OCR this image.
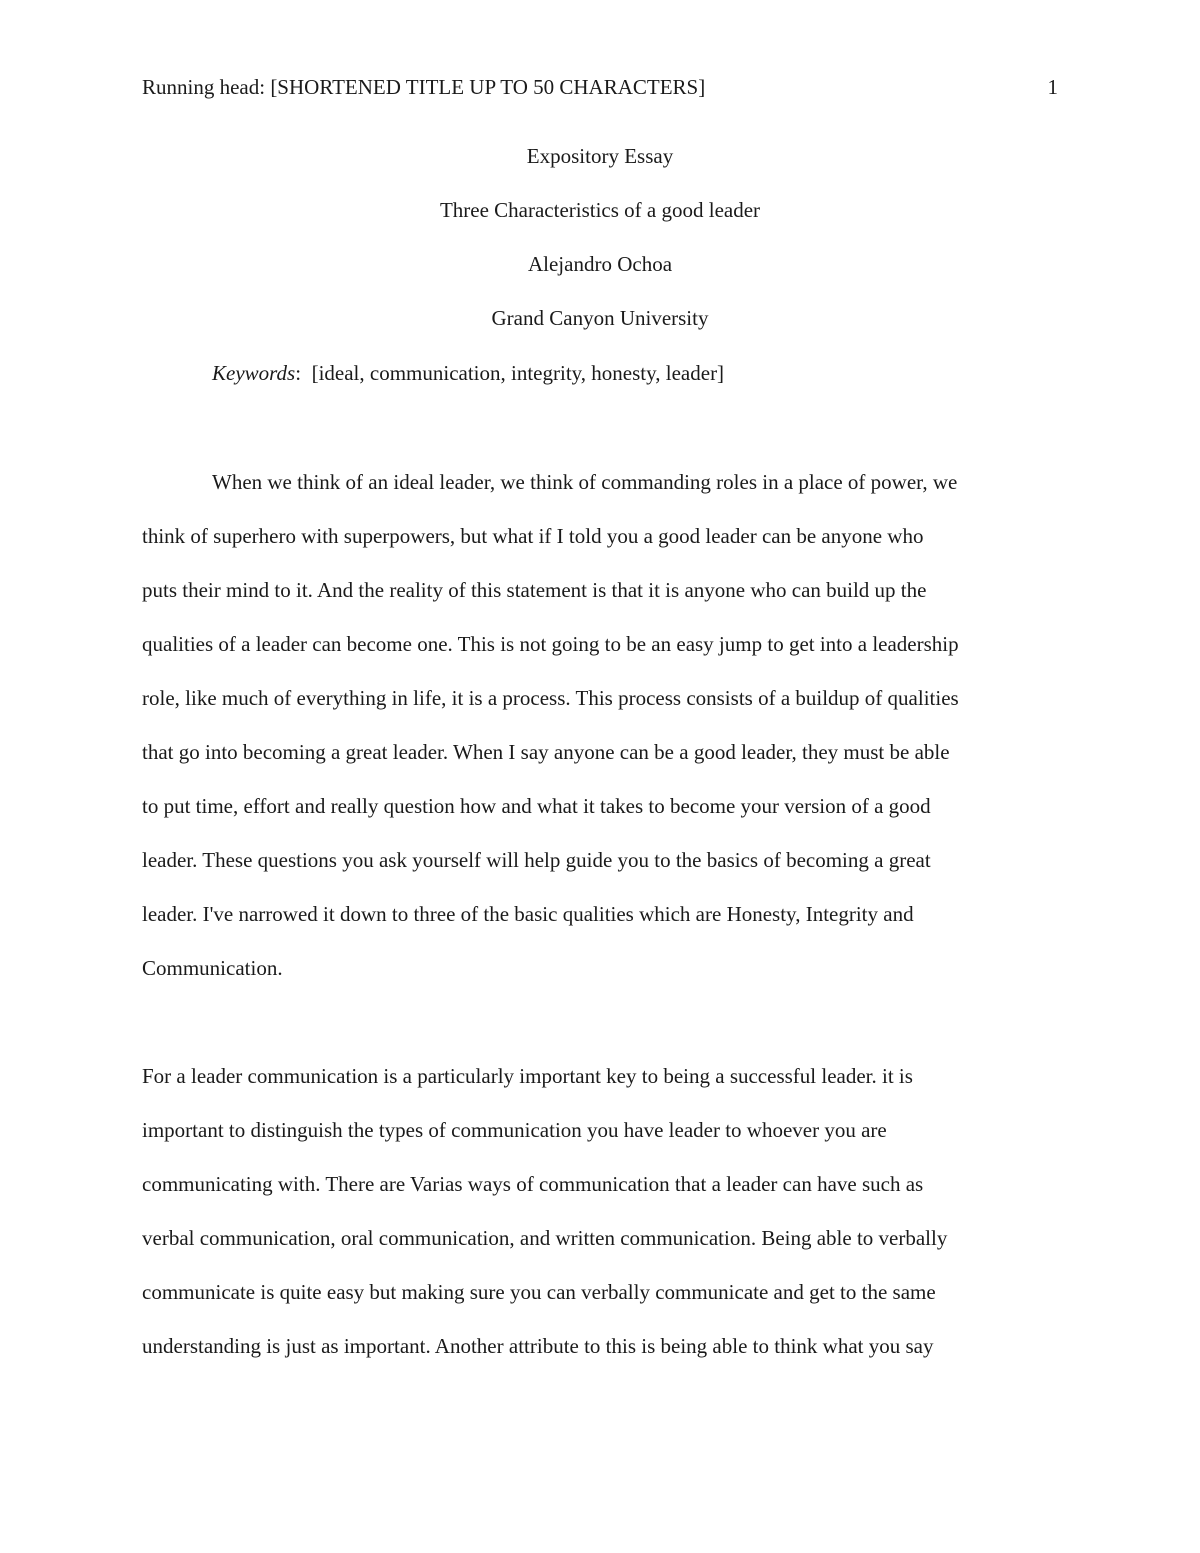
Running head: [SHORTENED TITLE UP TO 50 CHARACTERS]	1
Expository Essay
Three Characteristics of a good leader
Alejandro Ochoa
Grand Canyon University
Keywords: [ideal, communication, integrity, honesty, leader]
When we think of an ideal leader, we think of commanding roles in a place of power, we
think of superhero with superpowers, but what if I told you a good leader can be anyone who
puts their mind to it. And the reality of this statement is that it is anyone who can build up the
qualities of a leader can become one. This is not going to be an easy jump to get into a leadership
role, like much of everything in life, it is a process. This process consists of a buildup of qualities
that go into becoming a great leader. When I say anyone can be a good leader, they must be able
to put time, effort and really question how and what it takes to become your version of a good
leader. These questions you ask yourself will help guide you to the basics of becoming a great
leader. I've narrowed it down to three of the basic qualities which are Honesty, Integrity and
Communication.
For a leader communication is a particularly important key to being a successful leader. it is
important to distinguish the types of communication you have leader to whoever you are
communicating with. There are Varias ways of communication that a leader can have such as
verbal communication, oral communication, and written communication. Being able to verbally
communicate is quite easy but making sure you can verbally communicate and get to the same
understanding is just as important. Another attribute to this is being able to think what you say
